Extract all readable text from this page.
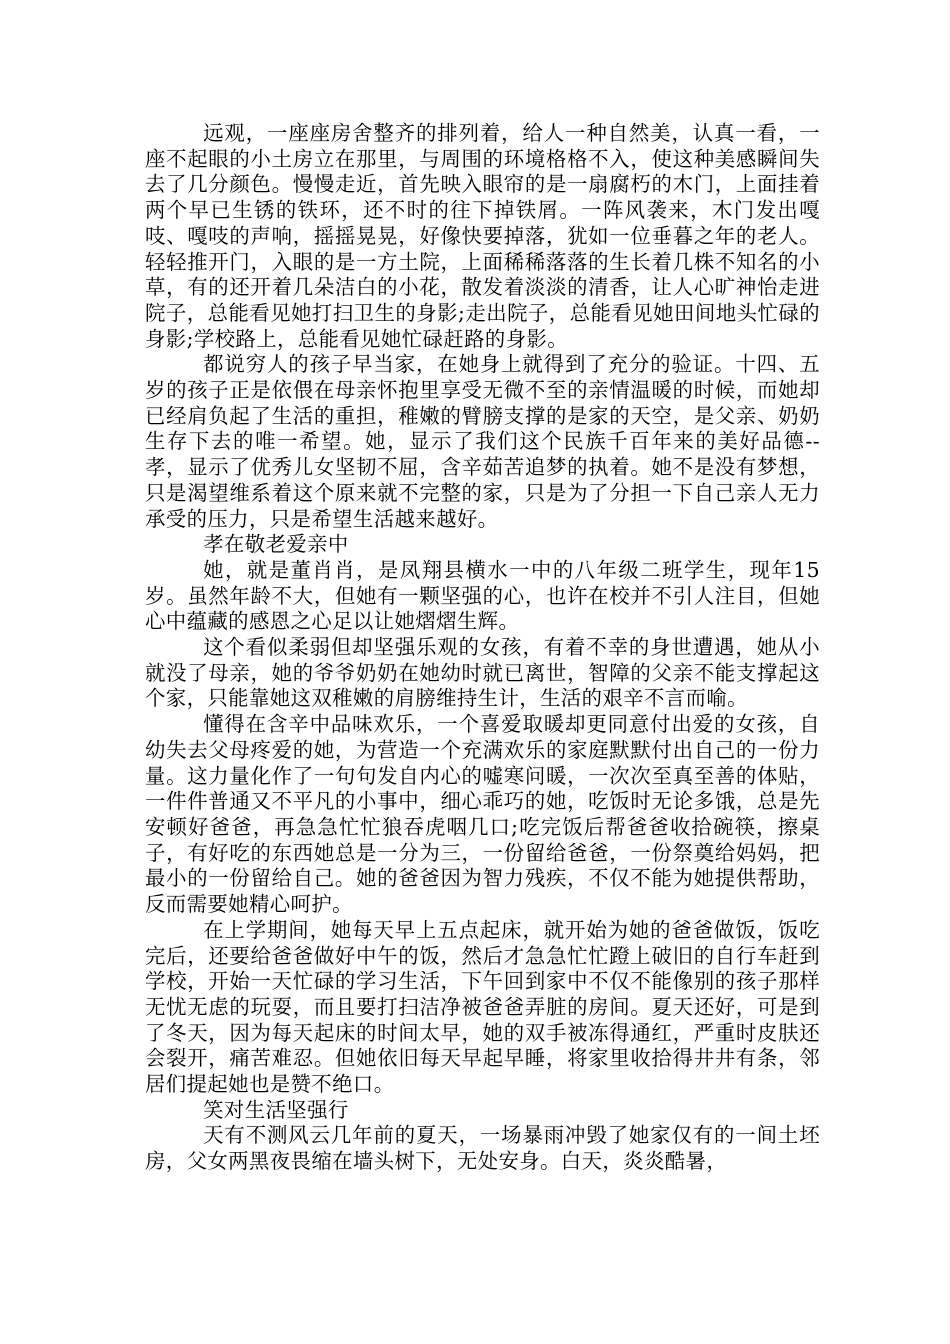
远观，一座座房舍整齐的排列着，给人一种自然美，认真一看，一座不起眼的小土房立在那里，与周围的环境格格不入，使这种美感瞬间失去了几分颜色。慢慢走近，首先映入眼帘的是一扇腐朽的木门，上面挂着两个早已生锈的铁环，还不时的往下掉铁屑。一阵风袭来，木门发出嘎吱、嘎吱的声响，摇摇晃晃，好像快要掉落，犹如一位垂暮之年的老人。轻轻推开门，入眼的是一方土院，上面稀稀落落的生长着几株不知名的小草，有的还开着几朵洁白的小花，散发着淡淡的清香，让人心旷神怡走进院子，总能看见她打扫卫生的身影;走出院子，总能看见她田间地头忙碌的身影;学校路上，总能看见她忙碌赶路的身影。

都说穷人的孩子早当家，在她身上就得到了充分的验证。十四、五岁的孩子正是依偎在母亲怀抱里享受无微不至的亲情温暖的时候，而她却已经肩负起了生活的重担，稚嫩的臂膀支撑的是家的天空，是父亲、奶奶生存下去的唯一希望。她，显示了我们这个民族千百年来的美好品德--孝，显示了优秀儿女坚韧不屈，含辛茹苦追梦的执着。她不是没有梦想，只是渴望维系着这个原来就不完整的家，只是为了分担一下自己亲人无力承受的压力，只是希望生活越来越好。

孝在敬老爱亲中

她，就是董肖肖，是凤翔县横水一中的八年级二班学生，现年15岁。虽然年龄不大，但她有一颗坚强的心，也许在校并不引人注目，但她心中蕴藏的感恩之心足以让她熠熠生辉。

这个看似柔弱但却坚强乐观的女孩，有着不幸的身世遭遇，她从小就没了母亲，她的爷爷奶奶在她幼时就已离世，智障的父亲不能支撑起这个家，只能靠她这双稚嫩的肩膀维持生计，生活的艰辛不言而喻。

懂得在含辛中品味欢乐，一个喜爱取暖却更同意付出爱的女孩，自幼失去父母疼爱的她，为营造一个充满欢乐的家庭默默付出自己的一份力量。这力量化作了一句句发自内心的嘘寒问暖，一次次至真至善的体贴，一件件普通又不平凡的小事中，细心乖巧的她，吃饭时无论多饿，总是先安顿好爸爸，再急急忙忙狼吞虎咽几口;吃完饭后帮爸爸收拾碗筷，擦桌子，有好吃的东西她总是一分为三，一份留给爸爸，一份祭奠给妈妈，把最小的一份留给自己。她的爸爸因为智力残疾，不仅不能为她提供帮助，反而需要她精心呵护。

在上学期间，她每天早上五点起床，就开始为她的爸爸做饭，饭吃完后，还要给爸爸做好中午的饭，然后才急急忙忙蹬上破旧的自行车赶到学校，开始一天忙碌的学习生活，下午回到家中不仅不能像别的孩子那样无忧无虑的玩耍，而且要打扫洁净被爸爸弄脏的房间。夏天还好，可是到了冬天，因为每天起床的时间太早，她的双手被冻得通红，严重时皮肤还会裂开，痛苦难忍。但她依旧每天早起早睡，将家里收拾得井井有条，邻居们提起她也是赞不绝口。

笑对生活坚强行

天有不测风云几年前的夏天，一场暴雨冲毁了她家仅有的一间土坯房，父女两黑夜畏缩在墙头树下，无处安身。白天，炎炎酷暑，
